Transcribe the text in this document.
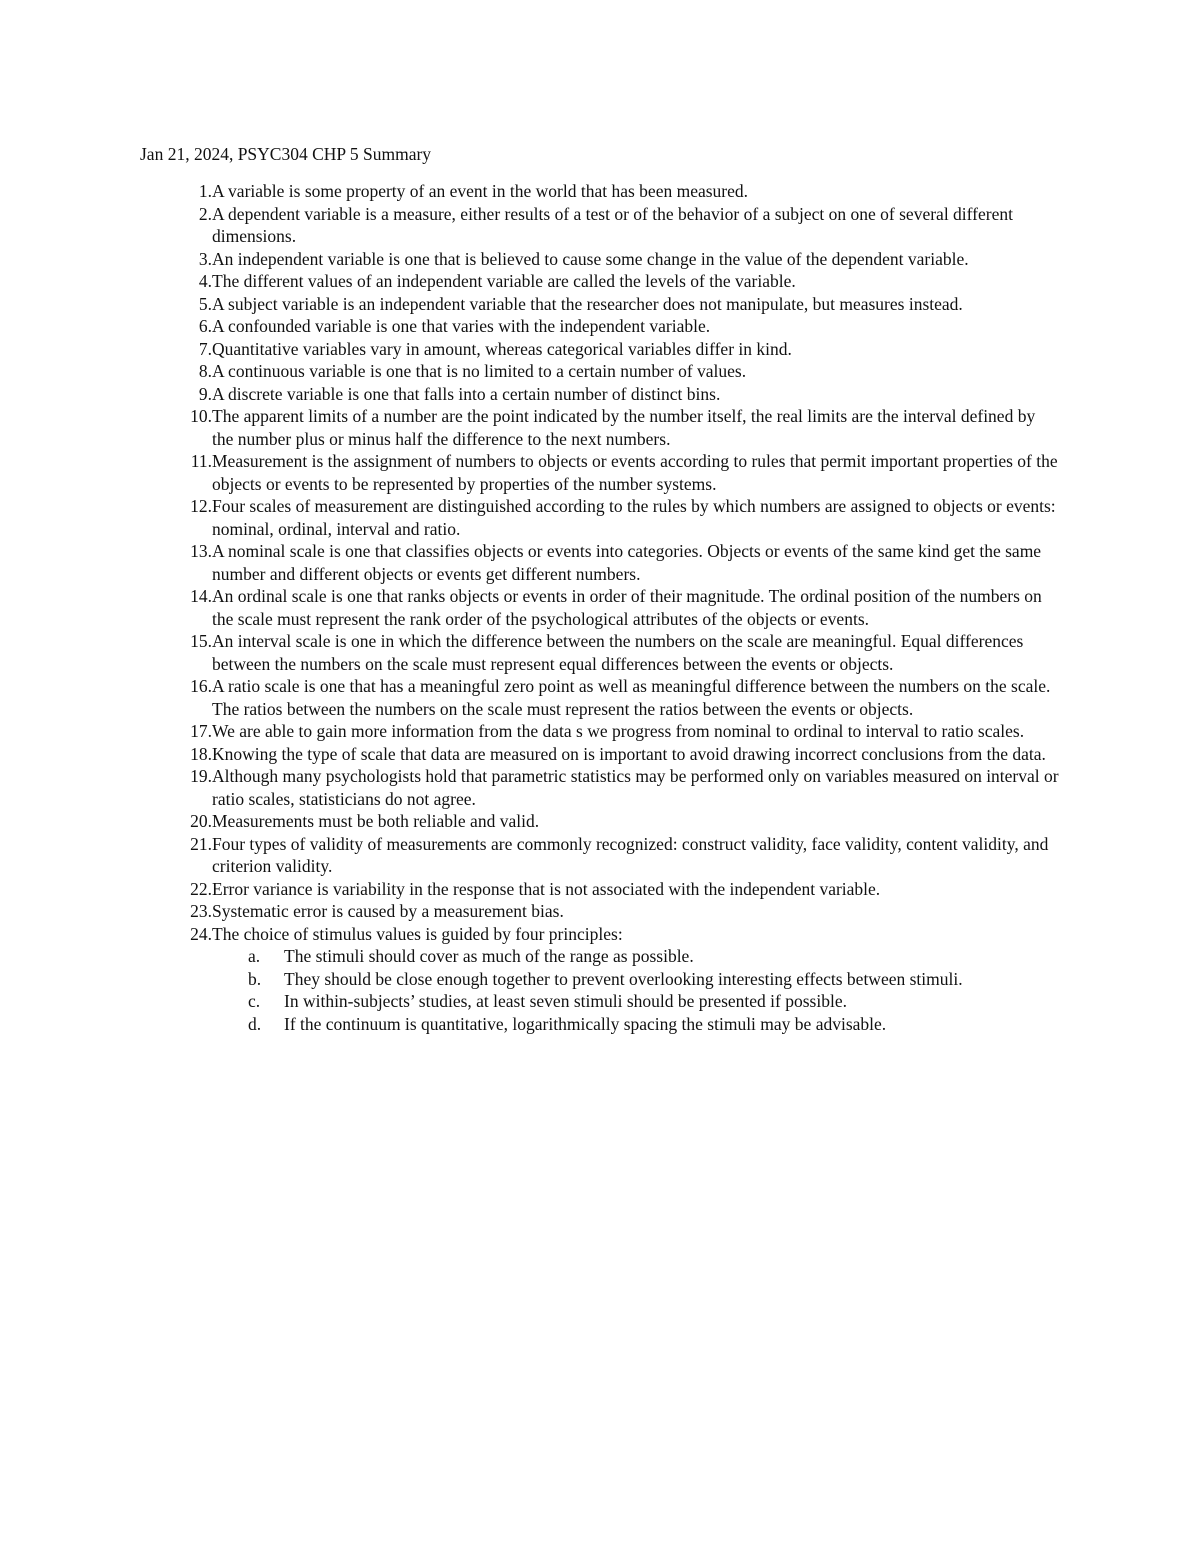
Jan 21, 2024, PSYC304 CHP 5 Summary
1. A variable is some property of an event in the world that has been measured.
2. A dependent variable is a measure, either results of a test or of the behavior of a subject on one of several different dimensions.
3. An independent variable is one that is believed to cause some change in the value of the dependent variable.
4. The different values of an independent variable are called the levels of the variable.
5. A subject variable is an independent variable that the researcher does not manipulate, but measures instead.
6. A confounded variable is one that varies with the independent variable.
7. Quantitative variables vary in amount, whereas categorical variables differ in kind.
8. A continuous variable is one that is no limited to a certain number of values.
9. A discrete variable is one that falls into a certain number of distinct bins.
10. The apparent limits of a number are the point indicated by the number itself, the real limits are the interval defined by the number plus or minus half the difference to the next numbers.
11. Measurement is the assignment of numbers to objects or events according to rules that permit important properties of the objects or events to be represented by properties of the number systems.
12. Four scales of measurement are distinguished according to the rules by which numbers are assigned to objects or events: nominal, ordinal, interval and ratio.
13. A nominal scale is one that classifies objects or events into categories. Objects or events of the same kind get the same number and different objects or events get different numbers.
14. An ordinal scale is one that ranks objects or events in order of their magnitude. The ordinal position of the numbers on the scale must represent the rank order of the psychological attributes of the objects or events.
15. An interval scale is one in which the difference between the numbers on the scale are meaningful. Equal differences between the numbers on the scale must represent equal differences between the events or objects.
16. A ratio scale is one that has a meaningful zero point as well as meaningful difference between the numbers on the scale. The ratios between the numbers on the scale must represent the ratios between the events or objects.
17. We are able to gain more information from the data s we progress from nominal to ordinal to interval to ratio scales.
18. Knowing the type of scale that data are measured on is important to avoid drawing incorrect conclusions from the data.
19. Although many psychologists hold that parametric statistics may be performed only on variables measured on interval or ratio scales, statisticians do not agree.
20. Measurements must be both reliable and valid.
21. Four types of validity of measurements are commonly recognized: construct validity, face validity, content validity, and criterion validity.
22. Error variance is variability in the response that is not associated with the independent variable.
23. Systematic error is caused by a measurement bias.
24. The choice of stimulus values is guided by four principles:
a. The stimuli should cover as much of the range as possible.
b. They should be close enough together to prevent overlooking interesting effects between stimuli.
c. In within-subjects’ studies, at least seven stimuli should be presented if possible.
d. If the continuum is quantitative, logarithmically spacing the stimuli may be advisable.
